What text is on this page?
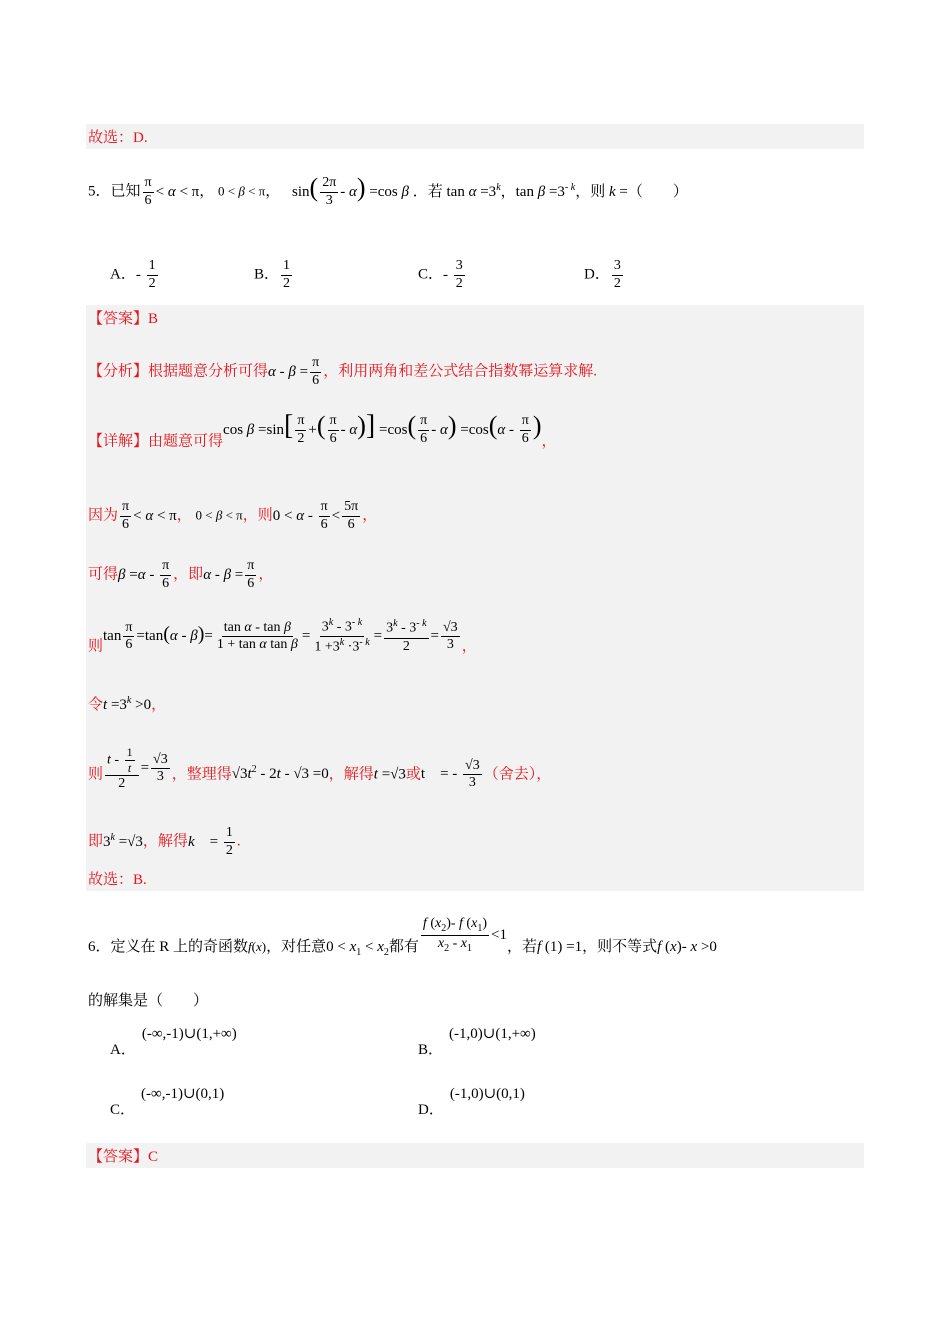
故选：D.
5．已知 $\frac{\pi}{6} < \alpha < \pi$， 0 < β < π， $\sin( \frac{2\pi}{3} - \alpha) =\cos$ β ．若 $\tan \alpha =3^k$，$\tan \beta =3^{- k}$，则 k =（　　）
A．- $\frac{1}{2}$	B． $\frac{1}{2}$	C．- $\frac{3}{2}$	D． $\frac{3}{2}$
【答案】B
【分析】根据题意分析可得$\alpha - \beta = \frac{\pi}{6}$ ，利用两角和差公式结合指数幂运算求解.
【详解】由题意可得$\cos \beta =\sin[ \frac{\pi}{2}$ +( $\frac{\pi}{6} - \alpha)] =\cos( \frac{\pi}{6} - \alpha) =\cos(\alpha - \frac{\pi}{6}$ )，
因为 $\frac{\pi}{6} < \alpha < \pi$， 0 < β < π，则$0 < \alpha - \frac{\pi}{6} < \frac{5\pi}{6}$ ，
可得$\beta =\alpha - \frac{\pi}{6}$ ，即$\alpha - \beta = \frac{\pi}{6}$ ，
则$\tan \frac{\pi}{6} =\tan(\alpha - \beta)= \frac{\text{tan α - tan β}}{\text{1 + tan α tan β}} = \frac{3^k - 3^{- k}}{1 +3^k \cdot 3^{- k}} = \frac{3^k - 3^{- k}}{2} = \frac{√3}{3}$ ，
令$t =3^k >0$，
则 $\frac{t - \frac{1}{t}}{2} = \frac{√3}{3}$ ，整理得$√3t^2 - 2t - √3 =0$，解得t =√3或t　= - $\frac{√3}{3}$ （舍去），
即$3^k =√3$，解得k　= $\frac{1}{2}$ .
故选：B.
6．定义在 R 上的奇函数f(x)，对任意$0 < x_1 < x_2$都有 $\frac{f (x_2)- f (x_1)}{x_2 - x_1} <1$，若f (1) =1，则不等式f (x)- x >0
的解集是（　　）
A．(-∞,-1)∪(1,+∞)
B．(-1,0)∪(1,+∞)
C．(-∞,-1)∪(0,1)
D．(-1,0)∪(0,1)
【答案】C
